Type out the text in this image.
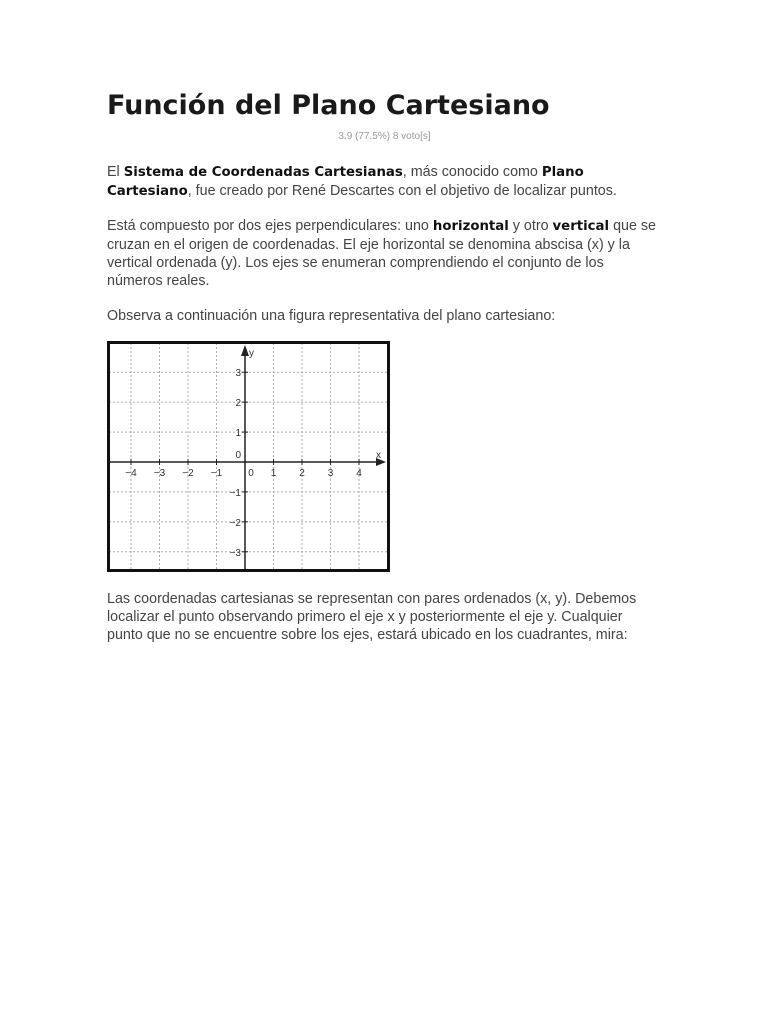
Función del Plano Cartesiano
3.9 (77.5%) 8 voto[s]

El Sistema de Coordenadas Cartesianas, más conocido como Plano Cartesiano, fue creado por René Descartes con el objetivo de localizar puntos.

Está compuesto por dos ejes perpendiculares: uno horizontal y otro vertical que se cruzan en el origen de coordenadas. El eje horizontal se denomina abscisa (x) y la vertical ordenada (y). Los ejes se enumeran comprendiendo el conjunto de los números reales.

Observa a continuación una figura representativa del plano cartesiano:

x
y
−4 −3 −2 −1	0 1 2 3 4
3
2
1
0
−1
−2
−3

Las coordenadas cartesianas se representan con pares ordenados (x, y). Debemos localizar el punto observando primero el eje x y posteriormente el eje y. Cualquier punto que no se encuentre sobre los ejes, estará ubicado en los cuadrantes, mira:
